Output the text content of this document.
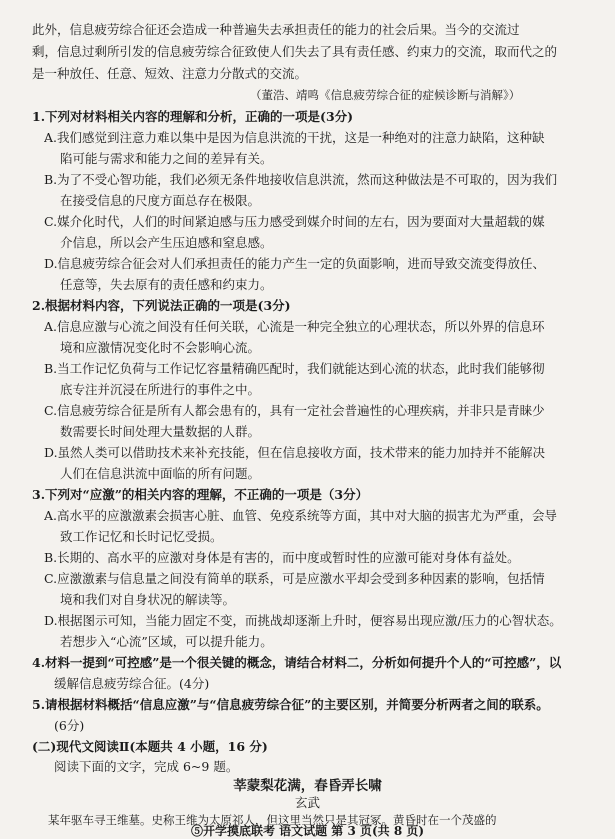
此外，信息疲劳综合征还会造成一种普遍失去承担责任的能力的社会后果。当今的交流过
剩，信息过剩所引发的信息疲劳综合征致使人们失去了具有责任感、约束力的交流，取而代之的
是一种放任、任意、短效、注意力分散式的交流。
（董浩、靖鸣《信息疲劳综合征的症候诊断与消解》）
1.下列对材料相关内容的理解和分析，正确的一项是(3分)
A.我们感觉到注意力难以集中是因为信息洪流的干扰，这是一种绝对的注意力缺陷，这种缺
陷可能与需求和能力之间的差异有关。
B.为了不受心智功能，我们必须无条件地接收信息洪流，然而这种做法是不可取的，因为我们
在接受信息的尺度方面总存在极限。
C.媒介化时代，人们的时间紧迫感与压力感受到媒介时间的左右，因为要面对大量超载的媒
介信息，所以会产生压迫感和窒息感。
D.信息疲劳综合征会对人们承担责任的能力产生一定的负面影响，进而导致交流变得放任、
任意等，失去原有的责任感和约束力。
2.根据材料内容，下列说法正确的一项是(3分)
A.信息应激与心流之间没有任何关联，心流是一种完全独立的心理状态，所以外界的信息环
境和应激情况变化时不会影响心流。
B.当工作记忆负荷与工作记忆容量精确匹配时，我们就能达到心流的状态，此时我们能够彻
底专注并沉浸在所进行的事件之中。
C.信息疲劳综合征是所有人都会患有的，具有一定社会普遍性的心理疾病，并非只是青睐少
数需要长时间处理大量数据的人群。
D.虽然人类可以借助技术来补充技能，但在信息接收方面，技术带来的能力加持并不能解决
人们在信息洪流中面临的所有问题。
3.下列对“应激”的相关内容的理解，不正确的一项是（3分）
A.高水平的应激激素会损害心脏、血管、免疫系统等方面，其中对大脑的损害尤为严重，会导
致工作记忆和长时记忆受损。
B.长期的、高水平的应激对身体是有害的，而中度或暂时性的应激可能对身体有益处。
C.应激激素与信息量之间没有简单的联系，可是应激水平却会受到多种因素的影响，包括情
境和我们对自身状况的解读等。
D.根据图示可知，当能力固定不变，而挑战却逐渐上升时，便容易出现应激/压力的心智状态。
若想步入“心流”区域，可以提升能力。
4.材料一提到“可控感”是一个很关键的概念，请结合材料二，分析如何提升个人的“可控感”，以
缓解信息疲劳综合征。(4分)
5.请根据材料概括“信息应激”与“信息疲劳综合征”的主要区别，并简要分析两者之间的联系。
(6分)
(二)现代文阅读Ⅱ(本题共 4 小题，16 分)
阅读下面的文字，完成 6~9 题。
莘蒙梨花满，春昏弄长啸
玄武
某年驱车寻王维墓。史称王维为太原祁人，但这里当然只是其冠冢。黄昏时在一个茂盛的
⑤开学摸底联考 语文试题 第 3 页(共 8 页)
